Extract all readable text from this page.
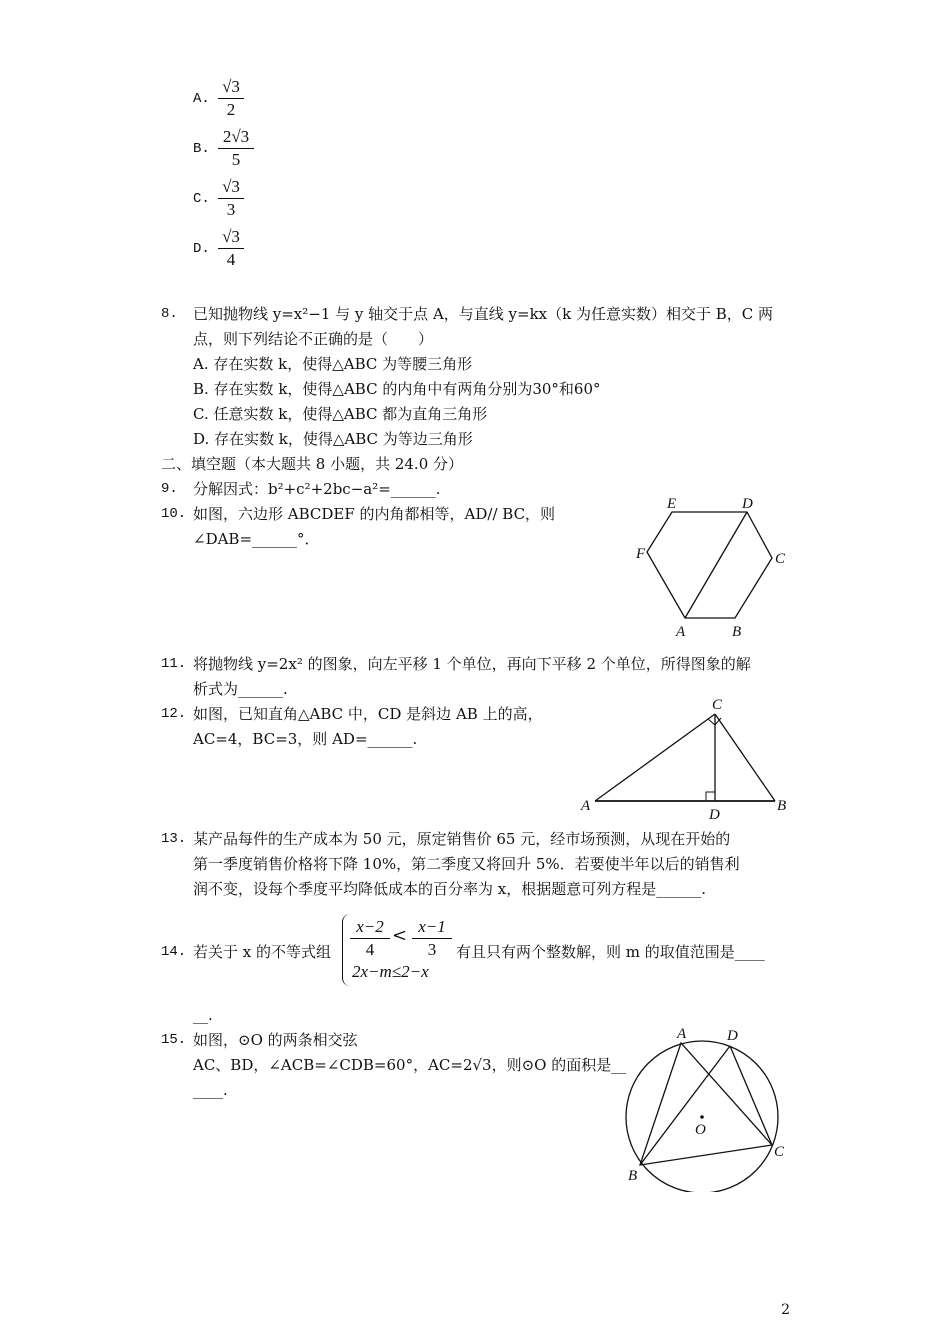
A. $\frac{√3}{2}$
B. $\frac{2√3}{5}$
C. $\frac{√3}{3}$
D. $\frac{√3}{4}$
8. 已知抛物线 y=x²−1 与 y 轴交于点 A，与直线 y=kx（k 为任意实数）相交于 B，C 两
点，则下列结论不正确的是（　　）
A. 存在实数 k，使得△ABC 为等腰三角形
B. 存在实数 k，使得△ABC 的内角中有两角分别为30°和60°
C. 任意实数 k，使得△ABC 都为直角三角形
D. 存在实数 k，使得△ABC 为等边三角形
二、填空题（本大题共 8 小题，共 24.0 分）
9. 分解因式：b²+c²+2bc−a²=______.
10. 如图，六边形 ABCDEF 的内角都相等，AD// BC，则
∠DAB=______°．
A	B
C
D
E
F
11. 将抛物线 y=2x² 的图象，向左平移 1 个单位，再向下平移 2 个单位，所得图象的解
析式为______.
12. 如图，已知直角△ABC 中，CD 是斜边 AB 上的高，
AC=4，BC=3，则 AD=______.
A	B
C
D
13. 某产品每件的生产成本为 50 元，原定销售价 65 元，经市场预测，从现在开始的
第一季度销售价格将下降 10%，第二季度又将回升 5%．若要使半年以后的销售利
润不变，设每个季度平均降低成本的百分率为 x，根据题意可列方程是______.
14. 若关于 x 的不等式组 $\frac{x-2}{4} < \frac{x-1}{3}$
2x−m≤2−x
有且只有两个整数解，则 m 的取值范围是____
__.
15. 如图，⊙O 的两条相交弦
AC、BD，∠ACB=∠CDB=60°，AC=2√3，则⊙O 的面积是__
____.
A	D
C
B
O
2
